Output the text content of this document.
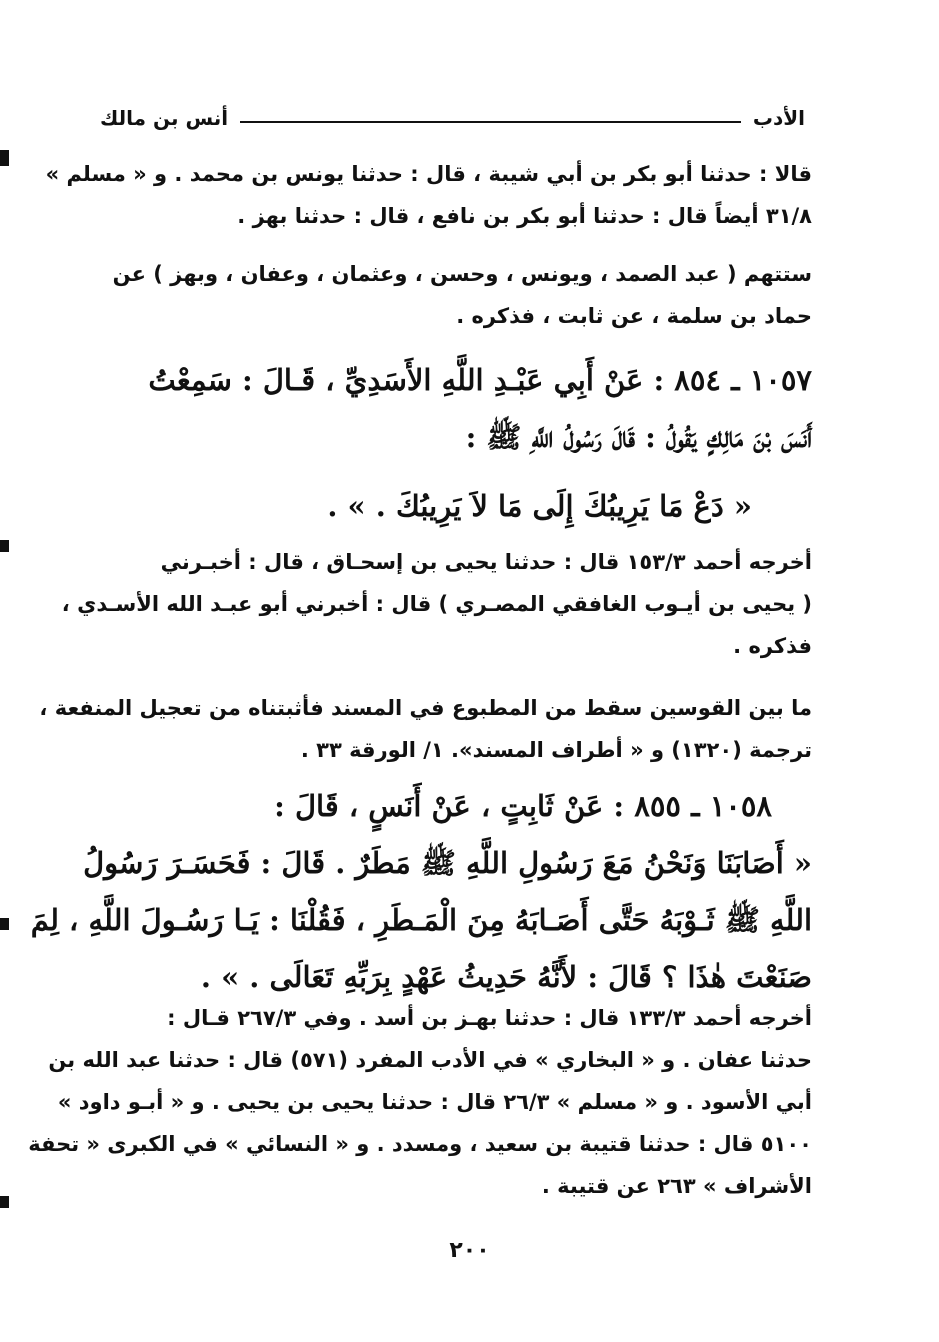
الأدب
أنس بن مالك
قالا : حدثنا أبو بكر بن أبي شيبة ، قال : حدثنا يونس بن محمد . و « مسلم »
٣١/٨ أيضاً قال : حدثنا أبو بكر بن نافع ، قال : حدثنا بهز .
ستتهم ( عبد الصمد ، ويونس ، وحسن ، وعثمان ، وعفان ، وبهز ) عن
حماد بن سلمة ، عن ثابت ، فذكره .
١٠٥٧ ـ ٨٥٤ : عَنْ أَبِي عَبْـدِ اللَّهِ الأَسَدِيِّ ، قَـالَ : سَمِعْتُ
أَنَسَ بْنَ مَالِكٍ يَقُولُ : قَالَ رَسُولُ اللَّهِ ﷺ :
« دَعْ مَا يَرِيبُكَ إِلَى مَا لاَ يَرِيبُكَ . » .
أخرجه أحمد ١٥٣/٣ قال : حدثنا يحيى بن إسحـاق ، قال : أخبـرني
( يحيى بن أيـوب الغافقي المصـري ) قال : أخبرني أبو عبـد الله الأسـدي ،
فذكره .
ما بين القوسين سقط من المطبوع في المسند فأثبتناه من تعجيل المنفعة ،
ترجمة (١٣٢٠) و « أطراف المسند». ١/ الورقة ٣٣ .
١٠٥٨ ـ ٨٥٥ : عَنْ ثَابِتٍ ، عَنْ أَنَسٍ ، قَالَ :
« أَصَابَنَا وَنَحْنُ مَعَ رَسُولِ اللَّهِ ﷺ مَطَرٌ . قَالَ : فَحَسَـرَ رَسُولُ
اللَّهِ ﷺ ثَـوْبَهُ حَتَّى أَصَـابَهُ مِنَ الْمَـطَرِ ، فَقُلْنَا : يَـا رَسُـولَ اللَّهِ ، لِمَ
صَنَعْتَ هٰذَا ؟ قَالَ : لأَنَّهُ حَدِيثُ عَهْدٍ بِرَبِّهِ تَعَالَى . » .
أخرجه أحمد ١٣٣/٣ قال : حدثنا بهـز بن أسد . وفي ٢٦٧/٣ قـال :
حدثنا عفان . و « البخاري » في الأدب المفرد (٥٧١) قال : حدثنا عبد الله بن
أبي الأسود . و « مسلم » ٢٦/٣ قال : حدثنا يحيى بن يحيى . و « أبـو داود »
٥١٠٠ قال : حدثنا قتيبة بن سعيد ، ومسدد . و « النسائي » في الكبرى « تحفة
الأشراف » ٢٦٣ عن قتيبة .
٢٠٠
